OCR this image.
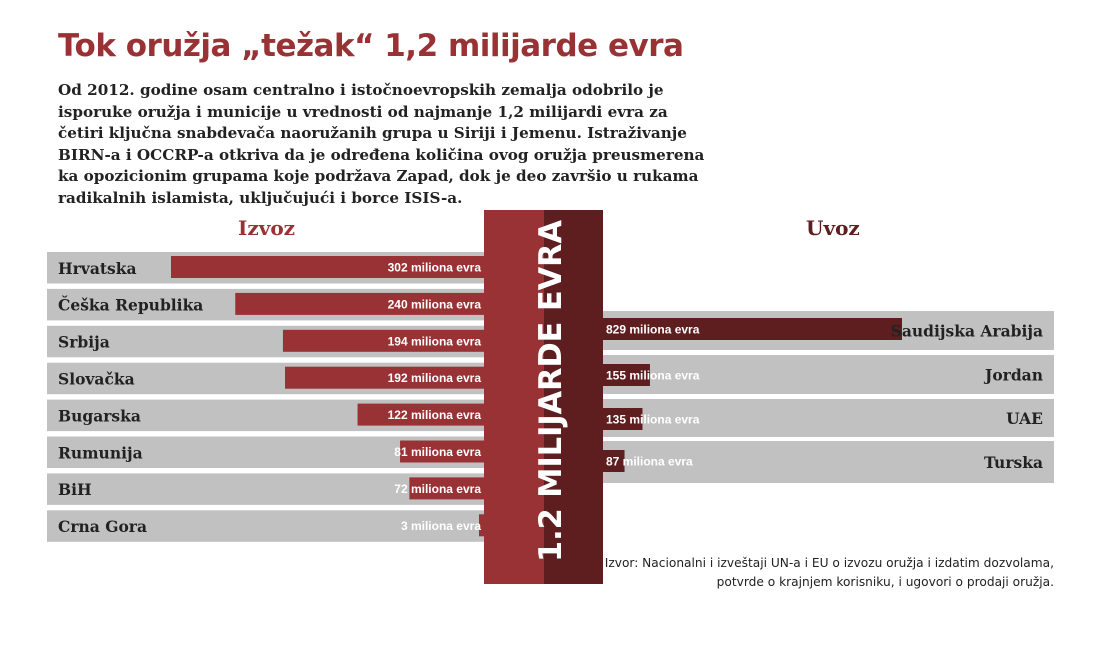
Tok oružja „težak“ 1,2 milijarde evra

Od 2012. godine osam centralno i istočnoevropskih zemalja odobrilo je isporuke oružja i municije u vrednosti od najmanje 1,2 milijardi evra za četiri ključna snabdevača naoružanih grupa u Siriji i Jemenu. Istraživanje BIRN-a i OCCRP-a otkriva da je određena količina ovog oružja preusmerena ka opozicionim grupama koje podržava Zapad, dok je deo završio u rukama radikalnih islamista, uključujući i borce ISIS-a.

Izvoz	Uvoz

Izvor: Nacionalni i izveštaji UN-a i EU o izvozu oružja i izdatim dozvolama, potvrde o krajnjem korisniku, i ugovori o prodaji oružja.

Hrvatska	302 miliona evra
Češka Republika	240 miliona evra
Srbija	194 miliona evra
Slovačka	192 miliona evra
Bugarska	122 miliona evra
Rumunija	81 miliona evra
BiH	72 miliona evra
Crna Gora	3 miliona evra
829 miliona evra	Saudijska Arabija
155 miliona evra	Jordan
135 miliona evra	UAE
87 miliona evra	Turska
1.2 MILIJARDE EVRA
